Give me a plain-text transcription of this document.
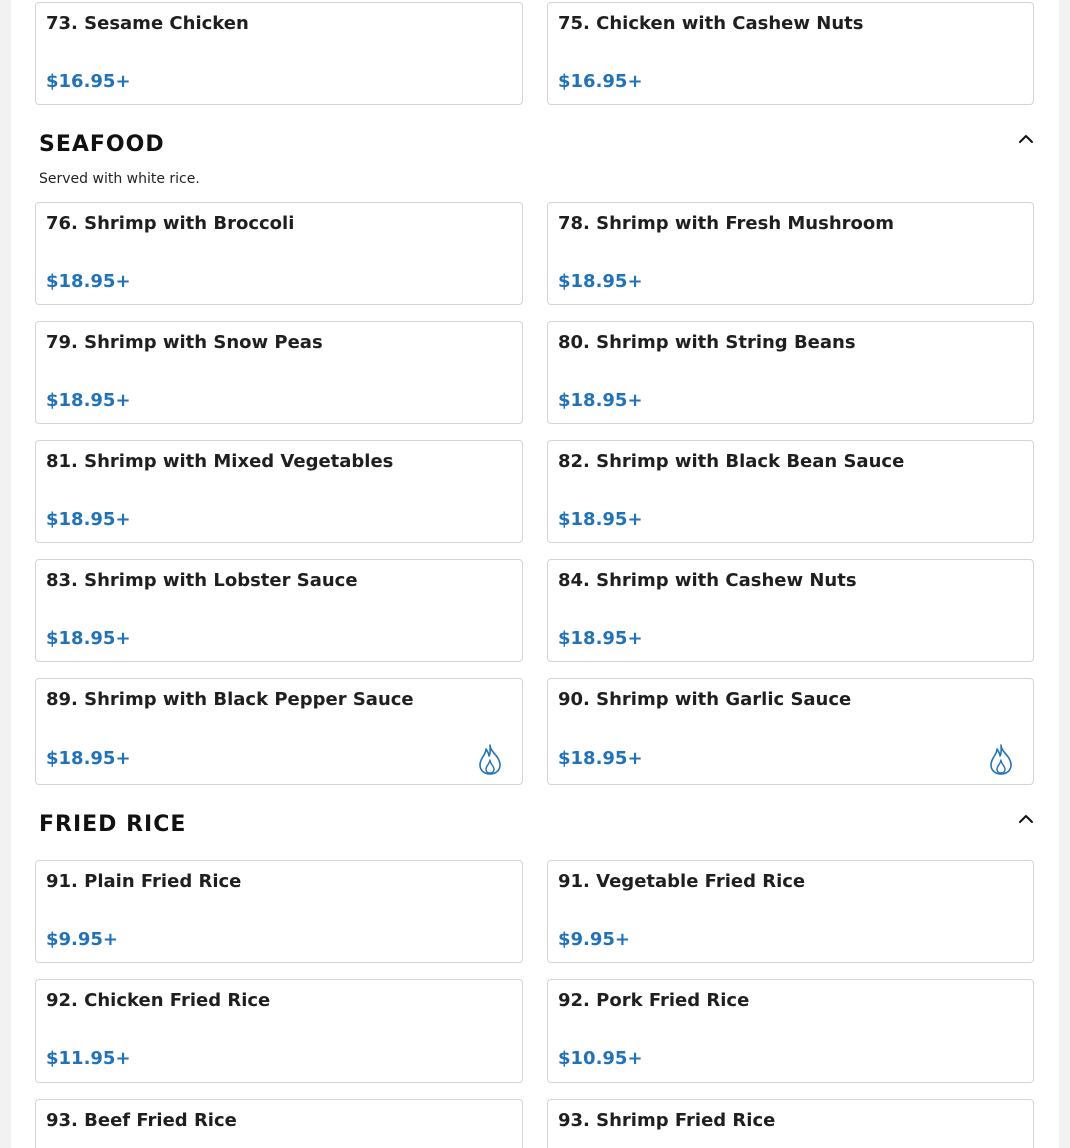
73. Sesame Chicken
$16.95+
75. Chicken with Cashew Nuts
$16.95+
SEAFOOD
Served with white rice.
76. Shrimp with Broccoli
$18.95+
78. Shrimp with Fresh Mushroom
$18.95+
79. Shrimp with Snow Peas
$18.95+
80. Shrimp with String Beans
$18.95+
81. Shrimp with Mixed Vegetables
$18.95+
82. Shrimp with Black Bean Sauce
$18.95+
83. Shrimp with Lobster Sauce
$18.95+
84. Shrimp with Cashew Nuts
$18.95+
89. Shrimp with Black Pepper Sauce
$18.95+
90. Shrimp with Garlic Sauce
$18.95+
FRIED RICE
91. Plain Fried Rice
$9.95+
91. Vegetable Fried Rice
$9.95+
92. Chicken Fried Rice
$11.95+
92. Pork Fried Rice
$10.95+
93. Beef Fried Rice	93. Shrimp Fried Rice
